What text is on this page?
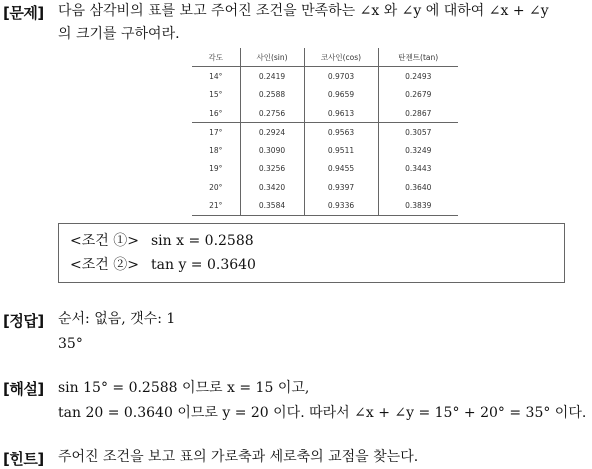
[문제] 다음 삼각비의 표를 보고 주어진 조건을 만족하는 ∠x 와 ∠y 에 대하여 ∠x + ∠y
의 크기를 구하여라.
각도	사인(sin)	코사인(cos)	탄젠트(tan)
14°	0.2419	0.9703	0.2493
15°	0.2588	0.9659	0.2679
16°	0.2756	0.9613	0.2867
17°	0.2924	0.9563	0.3057
18°	0.3090	0.9511	0.3249
19°	0.3256	0.9455	0.3443
20°	0.3420	0.9397	0.3640
21°	0.3584	0.9336	0.3839
<조건 ①> sin x = 0.2588
<조건 ②> tan y = 0.3640
[정답] 순서: 없음, 갯수: 1
35°
[해설] sin 15° = 0.2588 이므로 x = 15 이고,
tan 20 = 0.3640 이므로 y = 20 이다. 따라서 ∠x + ∠y = 15° + 20° = 35° 이다.
[힌트] 주어진 조건을 보고 표의 가로축과 세로축의 교점을 찾는다.
